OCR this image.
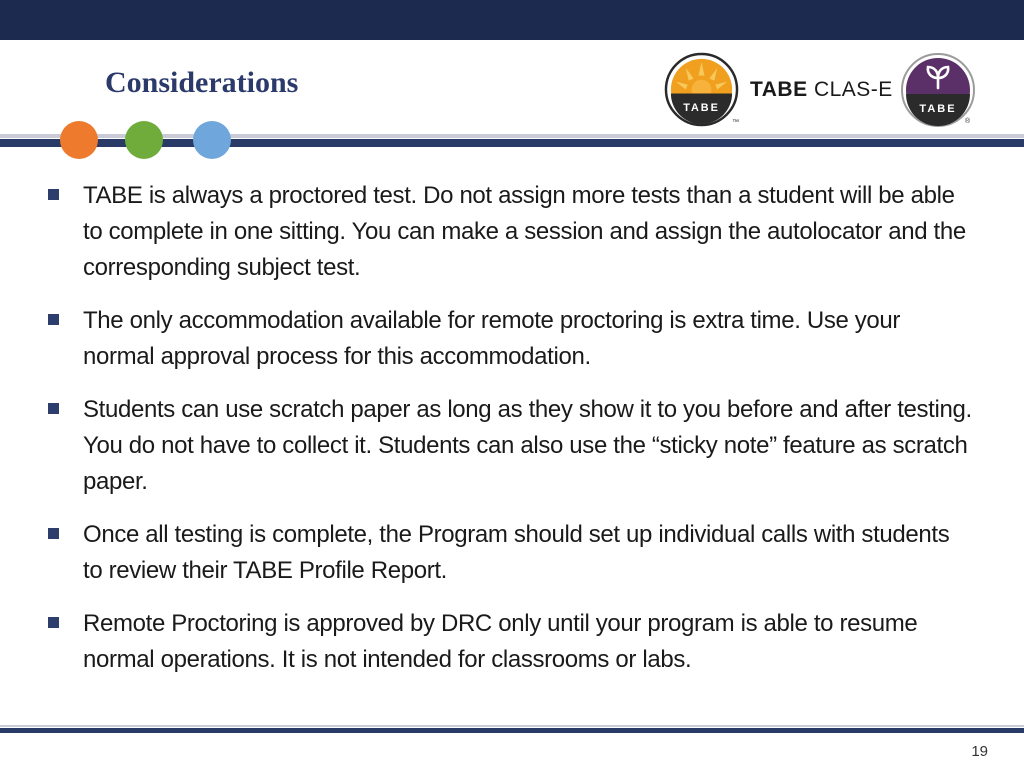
Considerations
TABE
™
TABE CLAS-E
TABE
®
TABE is always a proctored test. Do not assign more tests than a student will be able to complete in one sitting. You can make a session and assign the autolocator and the corresponding subject test.
The only accommodation available for remote proctoring is extra time. Use your normal approval process for this accommodation.
Students can use scratch paper as long as they show it to you before and after testing. You do not have to collect it. Students can also use the “sticky note” feature as scratch paper.
Once all testing is complete, the Program should set up individual calls with students to review their TABE Profile Report.
Remote Proctoring is approved by DRC only until your program is able to resume normal operations. It is not intended for classrooms or labs.
19
